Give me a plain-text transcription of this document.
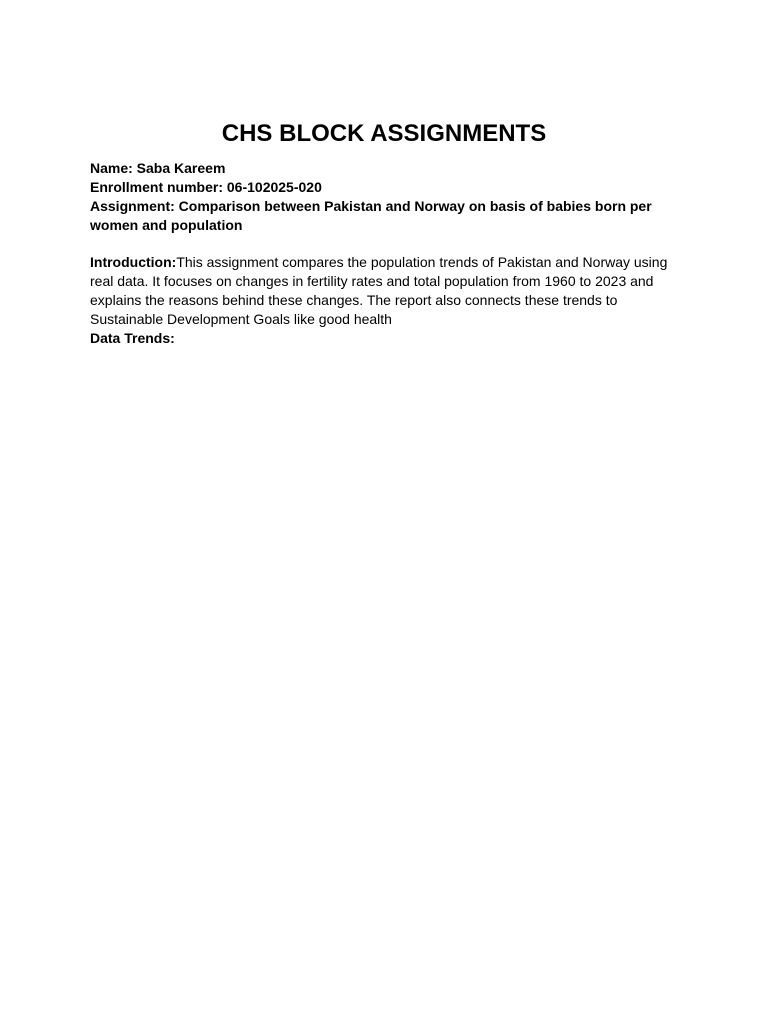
CHS BLOCK ASSIGNMENTS
Name: Saba Kareem
Enrollment number: 06-102025-020
Assignment: Comparison between Pakistan and Norway on basis of babies born per women and population

Introduction:This assignment compares the population trends of Pakistan and Norway using real data. It focuses on changes in fertility rates and total population from 1960 to 2023 and explains the reasons behind these changes. The report also connects these trends to Sustainable Development Goals like good health

Data Trends:
